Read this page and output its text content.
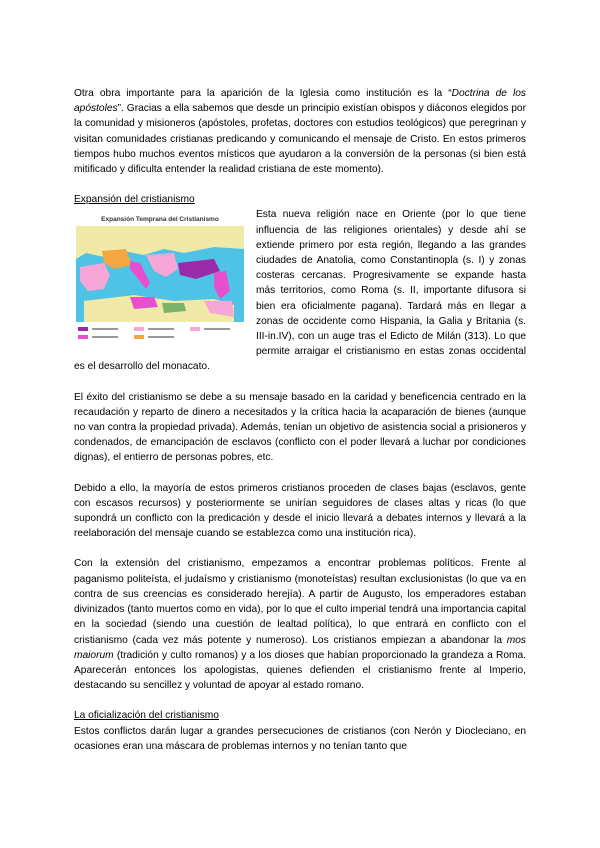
Otra obra importante para la aparición de la Iglesia como institución es la “Doctrina de los apóstoles”. Gracias a ella sabemos que desde un principio existían obispos y diáconos elegidos por la comunidad y misioneros (apóstoles, profetas, doctores con estudios teológicos) que peregrinan y visitan comunidades cristianas predicando y comunicando el mensaje de Cristo. En estos primeros tiempos hubo muchos eventos místicos que ayudaron a la conversión de la personas (si bien está mitificado y dificulta entender la realidad cristiana de este momento).

Expansión del cristianismo
Expansión Temprana del Cristianismo	Esta nueva religión nace en Oriente (por lo que tiene influencia de las religiones orientales) y desde ahí se extiende primero por esta región, llegando a las grandes ciudades de Anatolia, como Constantinopla (s. I) y zonas costeras cercanas. Progresivamente se expande hasta más territorios, como Roma (s. II, importante difusora si bien era oficialmente pagana). Tardará más en llegar a zonas de occidente como Hispania, la Galia y Britania (s. III-in.IV), con un auge tras el Edicto de Milán (313). Lo que permite arraigar el cristianismo en estas zonas occidental es el desarrollo del monacato.

El éxito del cristianismo se debe a su mensaje basado en la caridad y beneficencia centrado en la recaudación y reparto de dinero a necesitados y la crítica hacia la acaparación de bienes (aunque no van contra la propiedad privada). Además, tenían un objetivo de asistencia social a prisioneros y condenados, de emancipación de esclavos (conflicto con el poder llevará a luchar por condiciones dignas), el entierro de personas pobres, etc.

Debido a ello, la mayoría de estos primeros cristianos proceden de clases bajas (esclavos, gente con escasos recursos) y posteriormente se unirían seguidores de clases altas y ricas (lo que supondrá un conflicto con la predicación y desde el inicio llevará a debates internos y llevará a la reelaboración del mensaje cuando se establezca como una institución rica).

Con la extensión del cristianismo, empezamos a encontrar problemas políticos. Frente al paganismo politeísta, el judaísmo y cristianismo (monoteístas) resultan exclusionistas (lo que va en contra de sus creencias es considerado herejía). A partir de Augusto, los emperadores estaban divinizados (tanto muertos como en vida), por lo que el culto imperial tendrá una importancia capital en la sociedad (siendo una cuestión de lealtad política), lo que entrará en conflicto con el cristianismo (cada vez más potente y numeroso). Los cristianos empiezan a abandonar la mos maiorum (tradición y culto romanos) y a los dioses que habían proporcionado la grandeza a Roma. Aparecerán entonces los apologistas, quienes defienden el cristianismo frente al Imperio, destacando su sencillez y voluntad de apoyar al estado romano.

La oficialización del cristianismo

Estos conflictos darán lugar a grandes persecuciones de cristianos (con Nerón y Diocleciano, en ocasiones eran una máscara de problemas internos y no tenían tanto que
